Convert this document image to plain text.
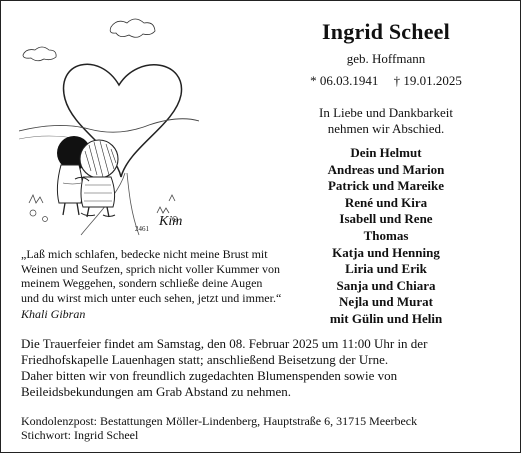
2461 Kim
Ingrid Scheel
geb. Hoffmann
* 06.03.1941 † 19.01.2025
In Liebe und Dankbarkeit
nehmen wir Abschied.
Dein Helmut
Andreas und Marion
Patrick und Mareike
René und Kira
Isabell und Rene
Thomas
Katja und Henning
Liria und Erik
Sanja und Chiara
Nejla und Murat
mit Gülin und Helin
„Laß mich schlafen, bedecke nicht meine Brust mit
Weinen und Seufzen, sprich nicht voller Kummer von
meinem Weggehen, sondern schließe deine Augen
und du wirst mich unter euch sehen, jetzt und immer.“
Khali Gibran
Die Trauerfeier findet am Samstag, den 08. Februar 2025 um 11:00 Uhr in der
Friedhofskapelle Lauenhagen statt; anschließend Beisetzung der Urne.
Daher bitten wir von freundlich zugedachten Blumenspenden sowie von
Beileidsbekundungen am Grab Abstand zu nehmen.
Kondolenzpost: Bestattungen Möller-Lindenberg, Hauptstraße 6, 31715 Meerbeck
Stichwort: Ingrid Scheel
